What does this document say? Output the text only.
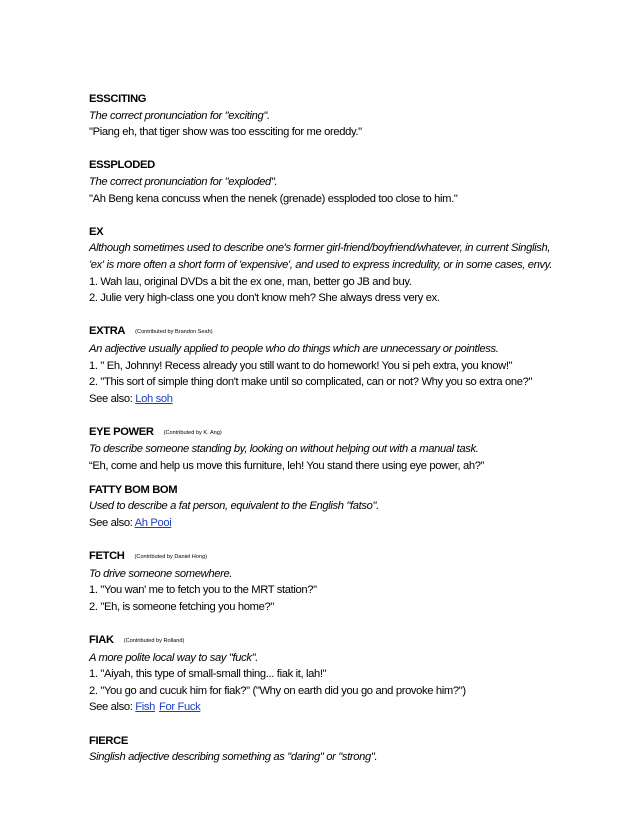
ESSCITING
The correct pronunciation for "exciting".
"Piang eh, that tiger show was too essciting for me oreddy."
ESSPLODED
The correct pronunciation for "exploded".
"Ah Beng kena concuss when the nenek (grenade) essploded too close to him."
EX
Although sometimes used to describe one's former girl-friend/boyfriend/whatever, in current Singlish,
'ex' is more often a short form of 'expensive', and used to express incredulity, or in some cases, envy.
1. Wah lau, original DVDs a bit the ex one, man, better go JB and buy.
2. Julie very high-class one you don't know meh? She always dress very ex.
EXTRA (Contributed by Brandon Seah)
An adjective usually applied to people who do things which are unnecessary or pointless.
1. " Eh, Johnny! Recess already you still want to do homework! You si peh extra, you know!"
2. "This sort of simple thing don't make until so complicated, can or not? Why you so extra one?"
See also: Loh soh
EYE POWER (Contributed by K. Ang)
To describe someone standing by, looking on without helping out with a manual task.
“Eh, come and help us move this furniture, leh! You stand there using eye power, ah?”
FATTY BOM BOM
Used to describe a fat person, equivalent to the English "fatso".
See also: Ah Pooi
FETCH (Contributed by Daniel Hong)
To drive someone somewhere.
1. "You wan' me to fetch you to the MRT station?"
2. "Eh, is someone fetching you home?"
FIAK (Contributed by Rolland)
A more polite local way to say "fuck".
1. "Aiyah, this type of small-small thing... fiak it, lah!"
2. "You go and cucuk him for fiak?" ("Why on earth did you go and provoke him?")
See also: Fish For Fuck
FIERCE
Singlish adjective describing something as "daring" or "strong".
